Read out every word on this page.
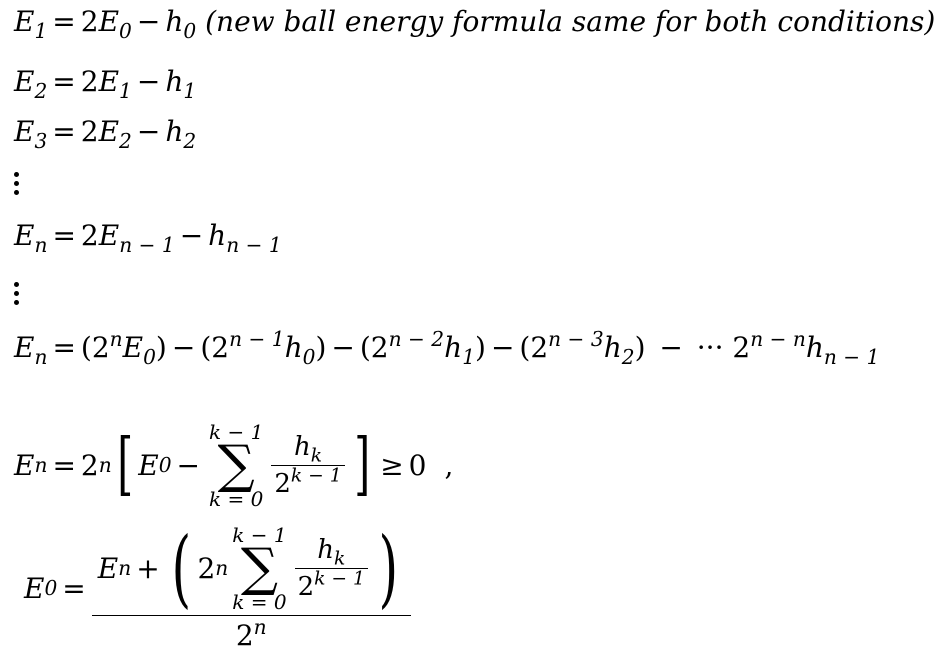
$E_1 = 2E_0 - h_0$ (new ball energy formula same for both conditions)
$E_2 = 2E_1 - h_1$
$E_3 = 2E_2 - h_2$
$E_n = 2E_{n - 1} - h_{n - 1}$
$E_n = (2^nE_0) - (2^{n - 1}h_0) - (2^{n - 2}h_1) - (2^{n - 3}h_2)$ − ··· $2^{n - n}h_{n - 1}$
E n = 2 n [ E 0 −
k − 1
∑
$k = 0 \frac{h_k}{2^{k - 1}}$ ] ≥ 0 ,
E 0 = E n + ( 2 n
k − 1
∑
$k = 0 \frac{h_k}{2^{k - 1}}$ )
2$^n$
